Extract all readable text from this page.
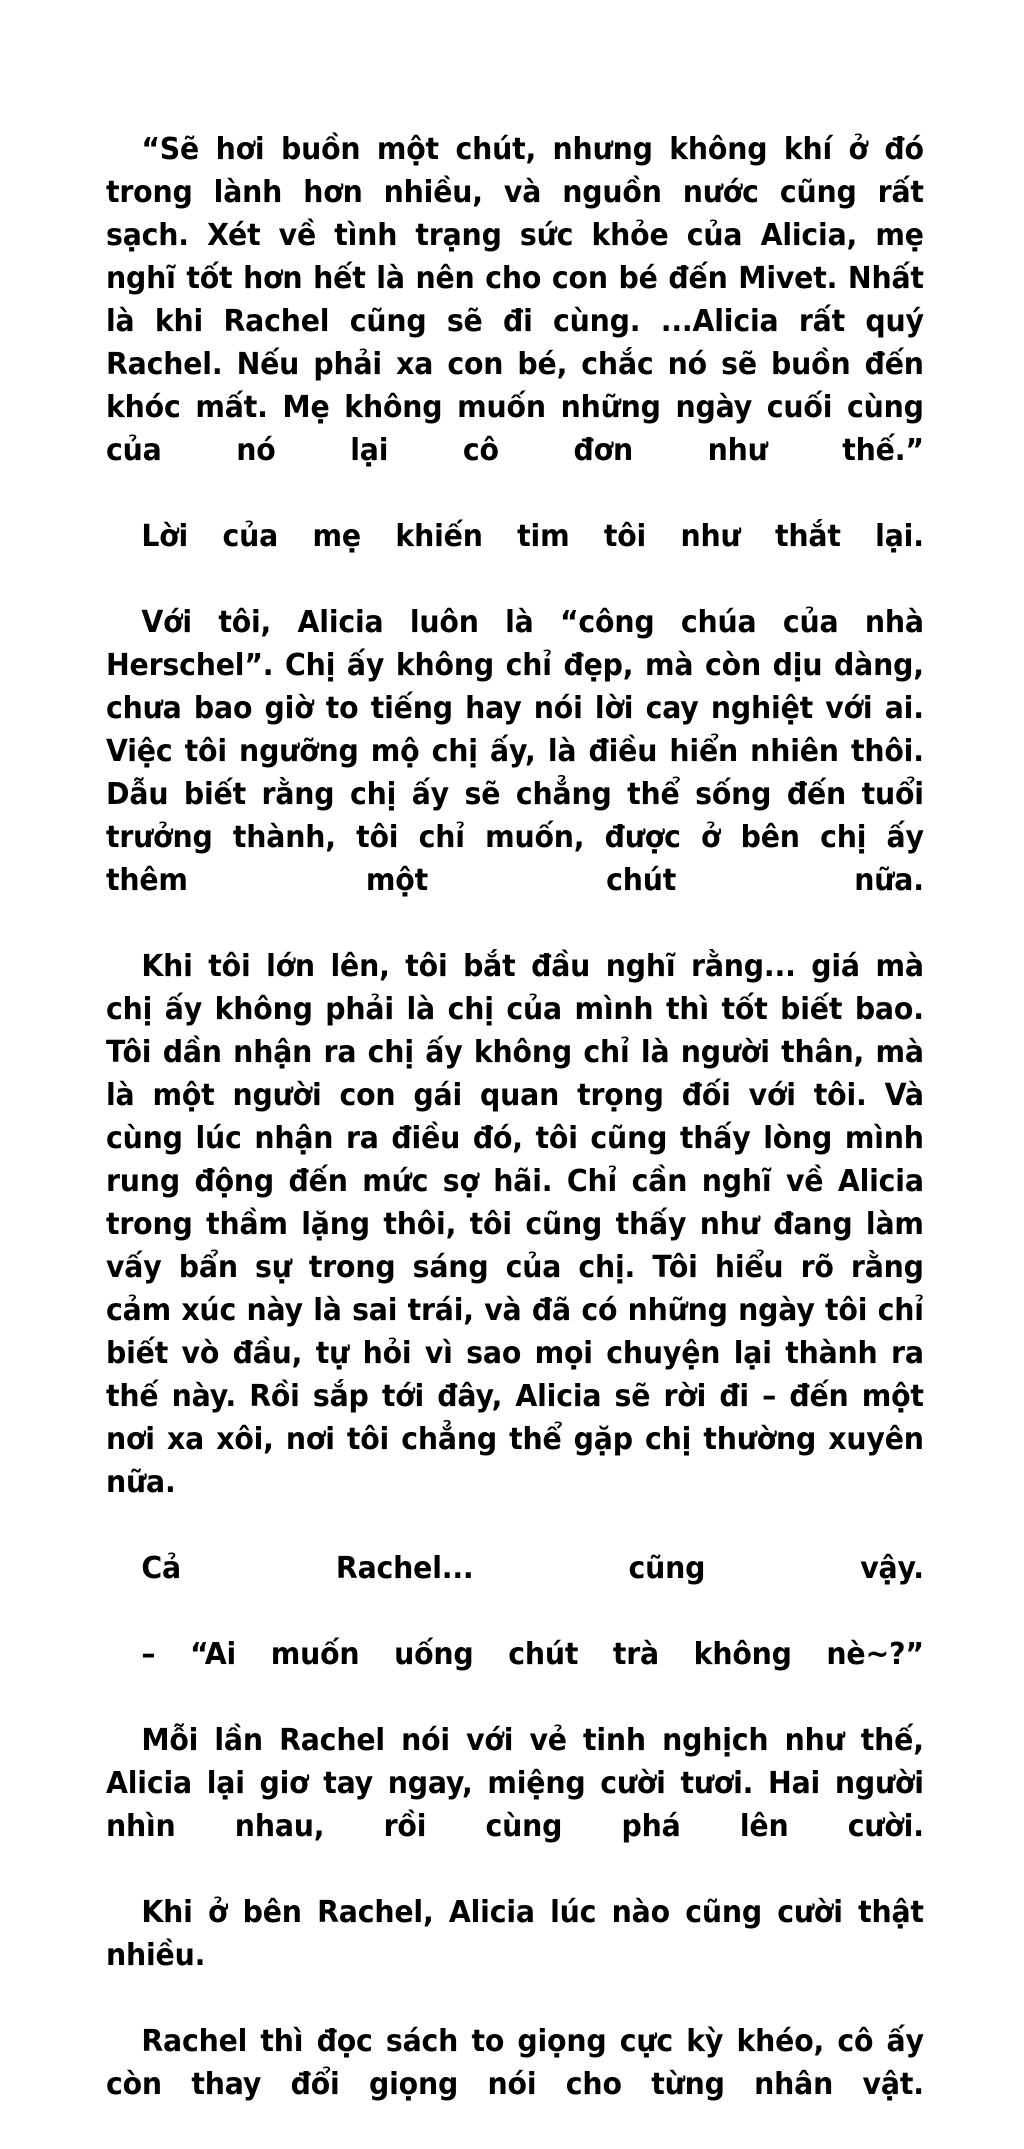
“Sẽ hơi buồn một chút, nhưng không khí ở đó trong lành hơn nhiều, và nguồn nước cũng rất sạch. Xét về tình trạng sức khỏe của Alicia, mẹ nghĩ tốt hơn hết là nên cho con bé đến Mivet. Nhất là khi Rachel cũng sẽ đi cùng. ...Alicia rất quý Rachel. Nếu phải xa con bé, chắc nó sẽ buồn đến khóc mất. Mẹ không muốn những ngày cuối cùng của nó lại cô đơn như thế.”

Lời của mẹ khiến tim tôi như thắt lại.

Với tôi, Alicia luôn là “công chúa của nhà Herschel”. Chị ấy không chỉ đẹp, mà còn dịu dàng, chưa bao giờ to tiếng hay nói lời cay nghiệt với ai. Việc tôi ngưỡng mộ chị ấy, là điều hiển nhiên thôi. Dẫu biết rằng chị ấy sẽ chẳng thể sống đến tuổi trưởng thành, tôi chỉ muốn, được ở bên chị ấy thêm một chút nữa.

Khi tôi lớn lên, tôi bắt đầu nghĩ rằng... giá mà chị ấy không phải là chị của mình thì tốt biết bao. Tôi dần nhận ra chị ấy không chỉ là người thân, mà là một người con gái quan trọng đối với tôi. Và cùng lúc nhận ra điều đó, tôi cũng thấy lòng mình rung động đến mức sợ hãi. Chỉ cần nghĩ về Alicia trong thầm lặng thôi, tôi cũng thấy như đang làm vấy bẩn sự trong sáng của chị. Tôi hiểu rõ rằng cảm xúc này là sai trái, và đã có những ngày tôi chỉ biết vò đầu, tự hỏi vì sao mọi chuyện lại thành ra thế này. Rồi sắp tới đây, Alicia sẽ rời đi – đến một nơi xa xôi, nơi tôi chẳng thể gặp chị thường xuyên nữa.

Cả Rachel... cũng vậy.

– “Ai muốn uống chút trà không nè~?”

Mỗi lần Rachel nói với vẻ tinh nghịch như thế, Alicia lại giơ tay ngay, miệng cười tươi. Hai người nhìn nhau, rồi cùng phá lên cười.

Khi ở bên Rachel, Alicia lúc nào cũng cười thật nhiều.

Rachel thì đọc sách to giọng cực kỳ khéo, cô ấy còn thay đổi giọng nói cho từng nhân vật.
